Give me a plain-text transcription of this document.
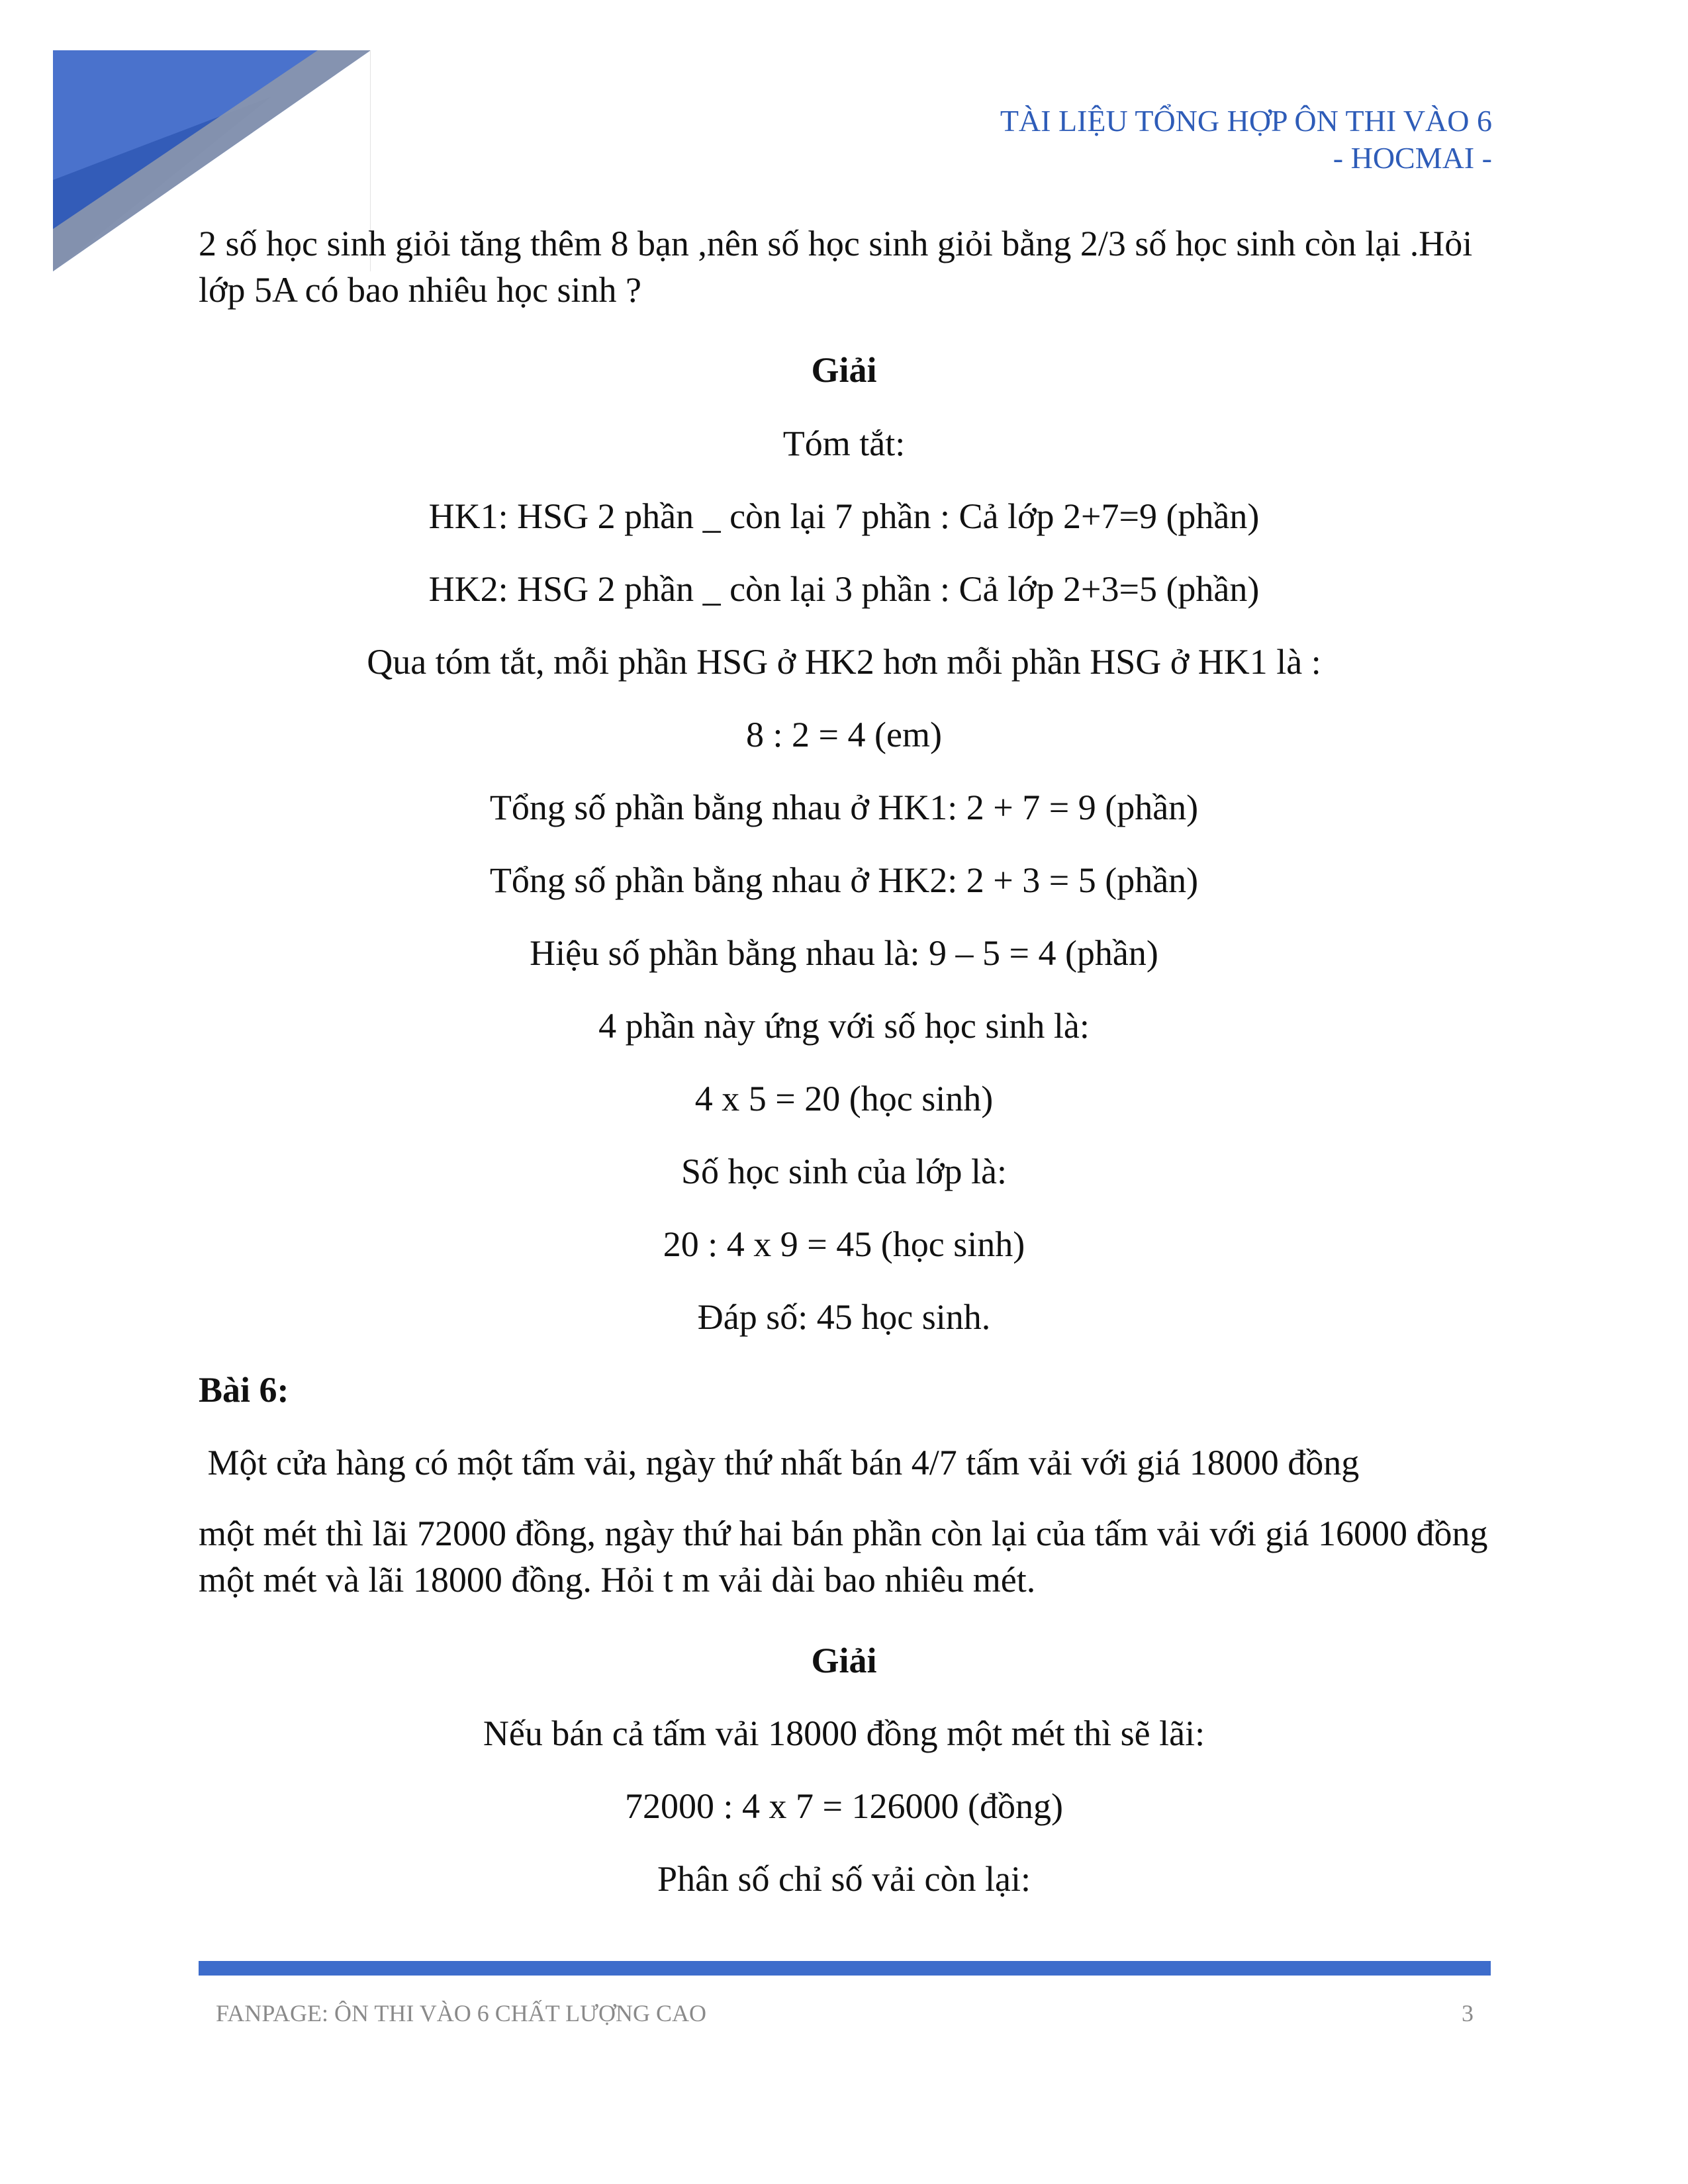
TÀI LIỆU TỔNG HỢP ÔN THI VÀO 6
- HOCMAI -
2 số học sinh giỏi tăng thêm 8 bạn ,nên số học sinh giỏi bằng 2/3 số học sinh còn lại .Hỏi lớp 5A có bao nhiêu học sinh ?
Giải
Tóm tắt:
HK1: HSG 2 phần _ còn lại 7 phần : Cả lớp 2+7=9 (phần)
HK2: HSG 2 phần _ còn lại 3 phần : Cả lớp 2+3=5 (phần)
Qua tóm tắt, mỗi phần HSG ở HK2 hơn mỗi phần HSG ở HK1 là :
8 : 2 = 4 (em)
Tổng số phần bằng nhau ở HK1: 2 + 7 = 9 (phần)
Tổng số phần bằng nhau ở HK2: 2 + 3 = 5 (phần)
Hiệu số phần bằng nhau là: 9 – 5 = 4 (phần)
4 phần này ứng với số học sinh là:
4 x 5 = 20 (học sinh)
Số học sinh của lớp là:
20 : 4 x 9 = 45 (học sinh)
Đáp số: 45 học sinh.
Bài 6:
Một cửa hàng có một tấm vải, ngày thứ nhất bán 4/7 tấm vải với giá 18000 đồng
một mét thì lãi 72000 đồng, ngày thứ hai bán phần còn lại của tấm vải với giá 16000 đồng một mét và lãi 18000 đồng. Hỏi t m vải dài bao nhiêu mét.
Giải
Nếu bán cả tấm vải 18000 đồng một mét thì sẽ lãi:
72000 : 4 x 7 = 126000 (đồng)
Phân số chỉ số vải còn lại:
FANPAGE: ÔN THI VÀO 6 CHẤT LƯỢNG CAO	3
